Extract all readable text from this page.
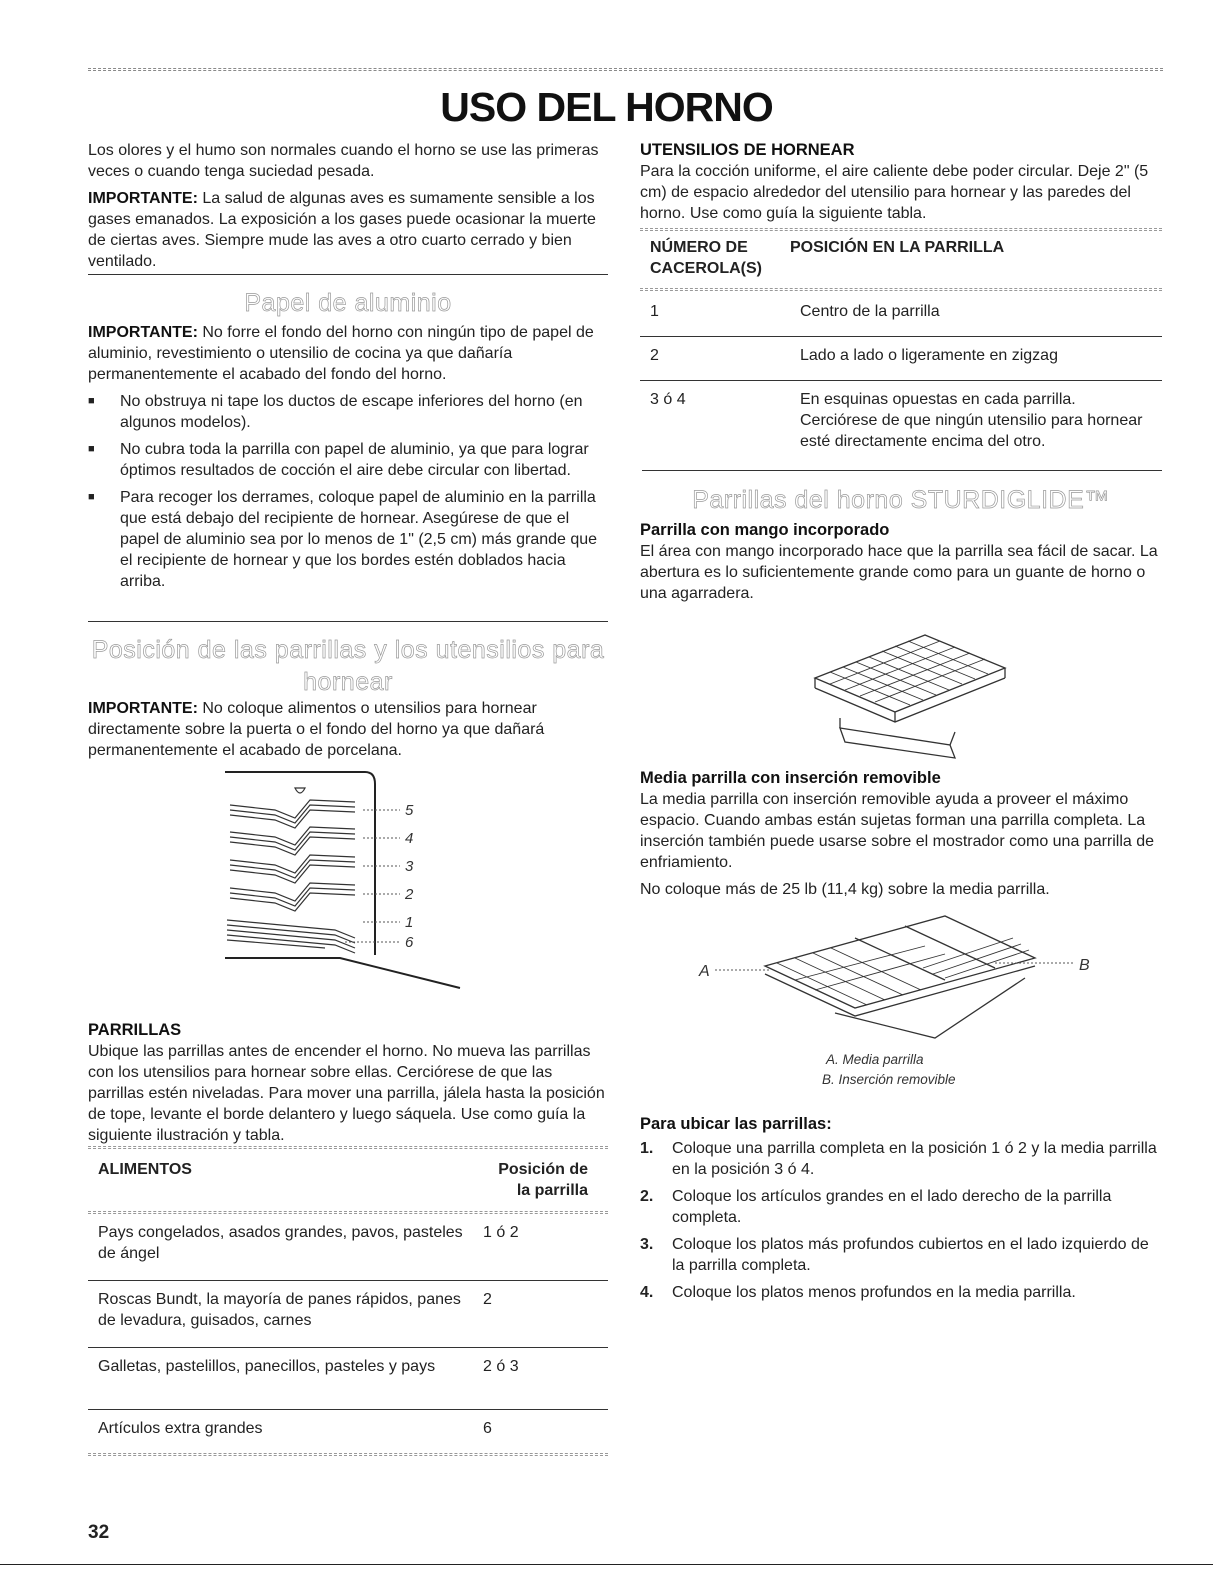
USO DEL HORNO

Los olores y el humo son normales cuando el horno se use las primeras veces o cuando tenga suciedad pesada.

IMPORTANTE: La salud de algunas aves es sumamente sensible a los gases emanados. La exposición a los gases puede ocasionar la muerte de ciertas aves. Siempre mude las aves a otro cuarto cerrado y bien ventilado.

Papel de aluminio

IMPORTANTE: No forre el fondo del horno con ningún tipo de papel de aluminio, revestimiento o utensilio de cocina ya que dañaría permanentemente el acabado del fondo del horno.

■ No obstruya ni tape los ductos de escape inferiores del horno (en algunos modelos).
■ No cubra toda la parrilla con papel de aluminio, ya que para lograr óptimos resultados de cocción el aire debe circular con libertad.
■ Para recoger los derrames, coloque papel de aluminio en la parrilla que está debajo del recipiente de hornear. Asegúrese de que el papel de aluminio sea por lo menos de 1" (2,5 cm) más grande que el recipiente de hornear y que los bordes estén doblados hacia arriba.
Posición de las parrillas y los utensilios para hornear

IMPORTANTE: No coloque alimentos o utensilios para hornear directamente sobre la puerta o el fondo del horno ya que dañará permanentemente el acabado de porcelana.

5
4
3
2
1
6
PARRILLAS

Ubique las parrillas antes de encender el horno. No mueva las parrillas con los utensilios para hornear sobre ellas. Cerciórese de que las parrillas estén niveladas. Para mover una parrilla, jálela hasta la posición de tope, levante el borde delantero y luego sáquela. Use como guía la siguiente ilustración y tabla.

ALIMENTOS	Posición de la parrilla
Pays congelados, asados grandes, pavos, pasteles de ángel	1 ó 2
Roscas Bundt, la mayoría de panes rápidos, panes de levadura, guisados, carnes	2
Galletas, pastelillos, panecillos, pasteles y pays	2 ó 3
Artículos extra grandes	6
UTENSILIOS DE HORNEAR

Para la cocción uniforme, el aire caliente debe poder circular. Deje 2" (5 cm) de espacio alrededor del utensilio para hornear y las paredes del horno. Use como guía la siguiente tabla.

NÚMERO DE CACEROLA(S)	POSICIÓN EN LA PARRILLA
1	Centro de la parrilla
2	Lado a lado o ligeramente en zigzag
3 ó 4	En esquinas opuestas en cada parrilla. Cerciórese de que ningún utensilio para hornear esté directamente encima del otro.
Parrillas del horno STURDIGLIDE™
Parrilla con mango incorporado

El área con mango incorporado hace que la parrilla sea fácil de sacar. La abertura es lo suficientemente grande como para un guante de horno o una agarradera.

Media parrilla con inserción removible

La media parrilla con inserción removible ayuda a proveer el máximo espacio. Cuando ambas están sujetas forman una parrilla completa. La inserción también puede usarse sobre el mostrador como una parrilla de enfriamiento.

No coloque más de 25 lb (11,4 kg) sobre la media parrilla.

A	B
A. Media parrilla
B. Inserción removible
Para ubicar las parrillas:
1. Coloque una parrilla completa en la posición 1 ó 2 y la media parrilla en la posición 3 ó 4.
2. Coloque los artículos grandes en el lado derecho de la parrilla completa.
3. Coloque los platos más profundos cubiertos en el lado izquierdo de la parrilla completa.
4. Coloque los platos menos profundos en la media parrilla.
32
